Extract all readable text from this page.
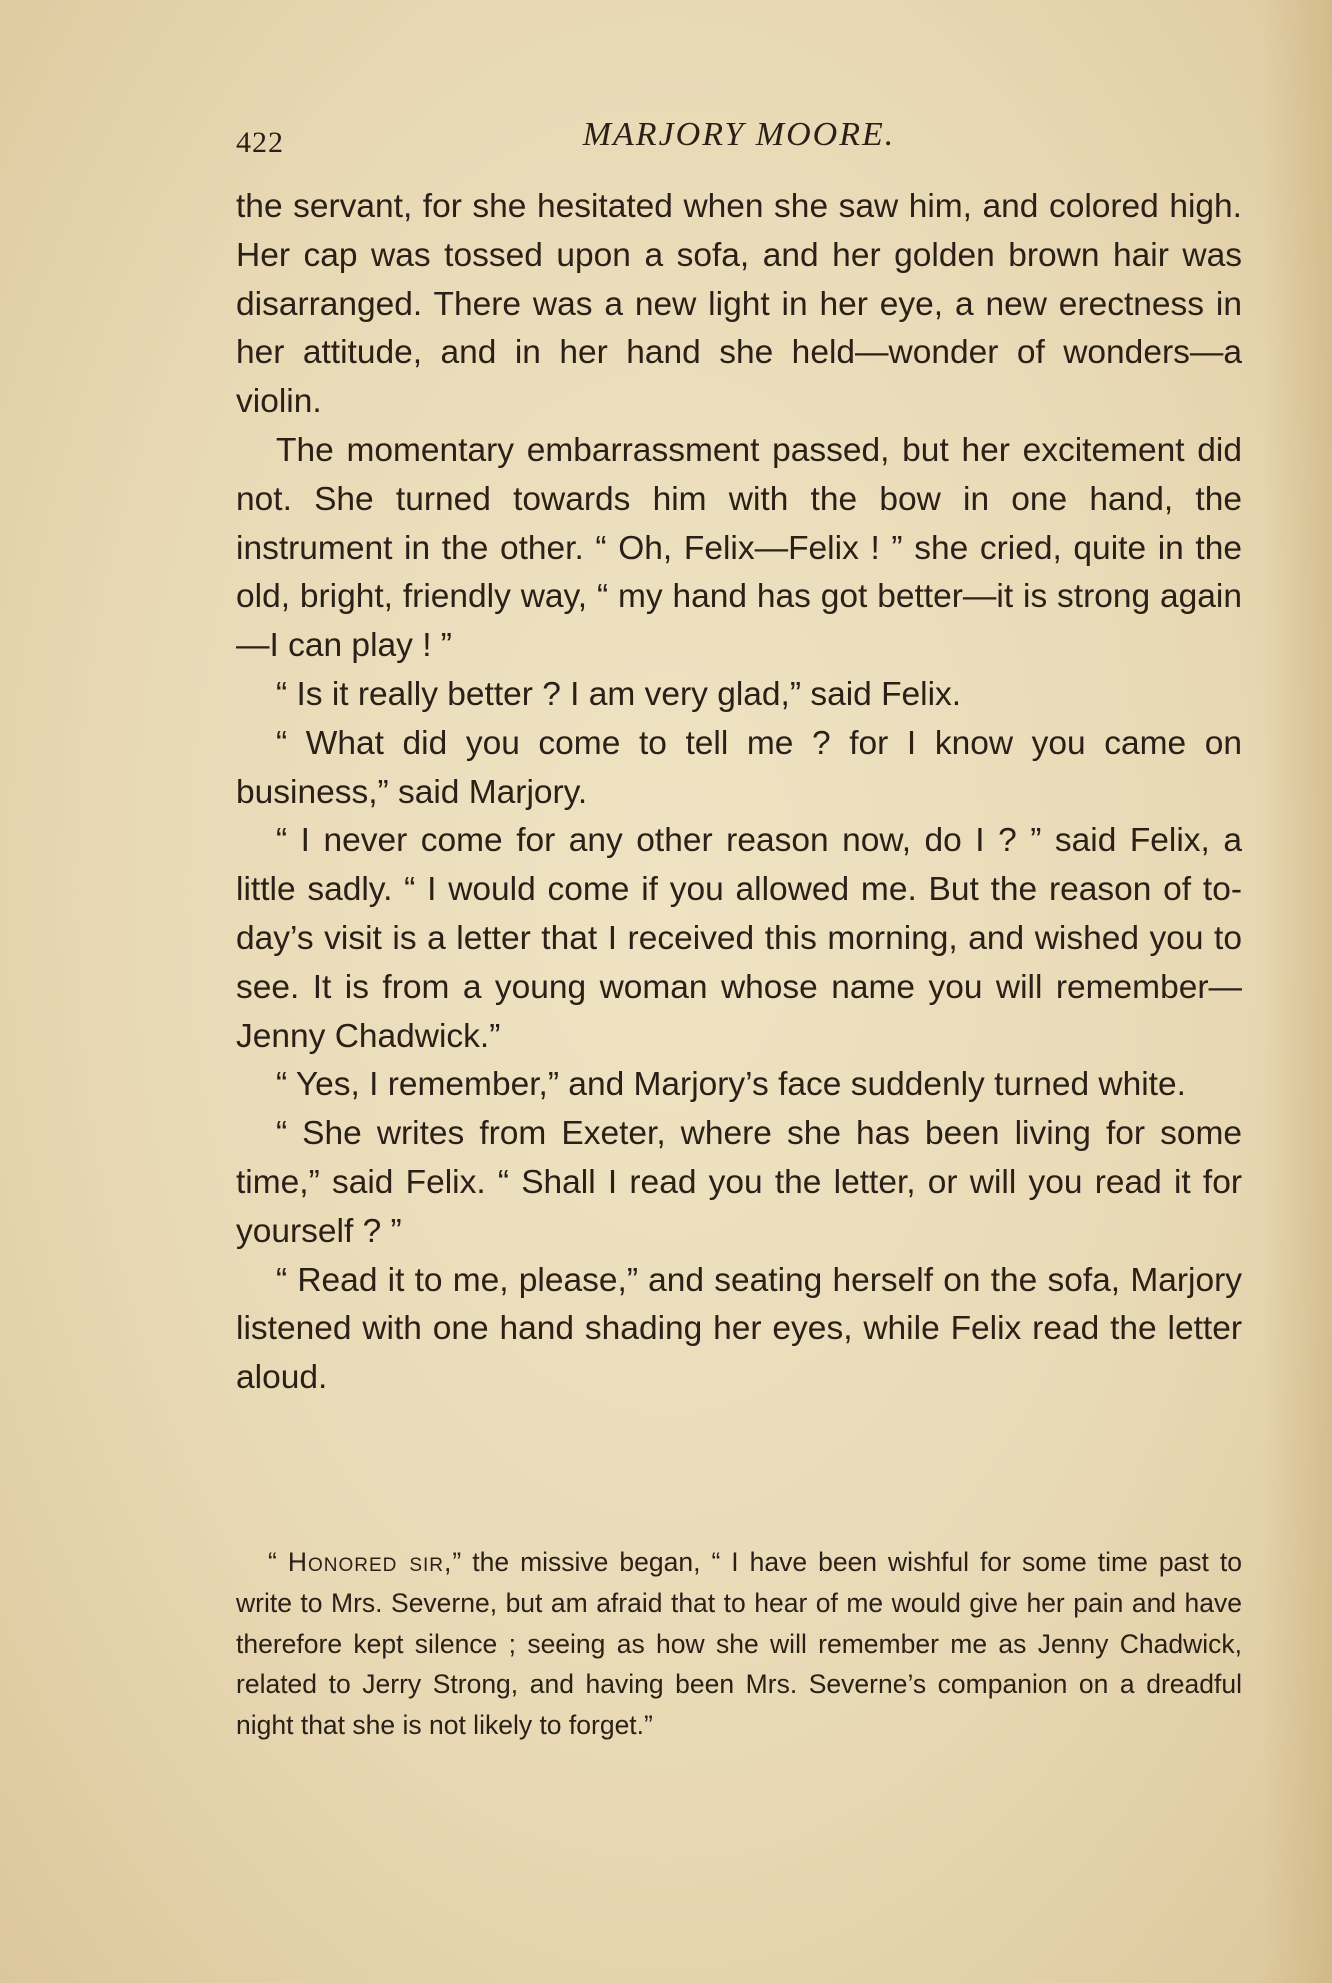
422	MARJORY MOORE.

the servant, for she hesitated when she saw him, and colored high. Her cap was tossed upon a sofa, and her golden brown hair was disarranged. There was a new light in her eye, a new erectness in her attitude, and in her hand she held—wonder of wonders—a violin.

The momentary embarrassment passed, but her excitement did not. She turned towards him with the bow in one hand, the instrument in the other. “ Oh, Felix—Felix ! ” she cried, quite in the old, bright, friendly way, “ my hand has got better—it is strong again—I can play ! ”

“ Is it really better ? I am very glad,” said Felix.

“ What did you come to tell me ? for I know you came on business,” said Marjory.

“ I never come for any other reason now, do I ? ” said Felix, a little sadly. “ I would come if you allowed me. But the reason of to-day’s visit is a letter that I received this morning, and wished you to see. It is from a young woman whose name you will remember—Jenny Chadwick.”

“ Yes, I remember,” and Marjory’s face suddenly turned white.

“ She writes from Exeter, where she has been living for some time,” said Felix. “ Shall I read you the letter, or will you read it for yourself ? ”

“ Read it to me, please,” and seating herself on the sofa, Marjory listened with one hand shading her eyes, while Felix read the letter aloud.

“ Honored sir,” the missive began, “ I have been wishful for some time past to write to Mrs. Severne, but am afraid that to hear of me would give her pain and have therefore kept silence ; seeing as how she will remember me as Jenny Chadwick, related to Jerry Strong, and having been Mrs. Severne’s companion on a dreadful night that she is not likely to forget.”
